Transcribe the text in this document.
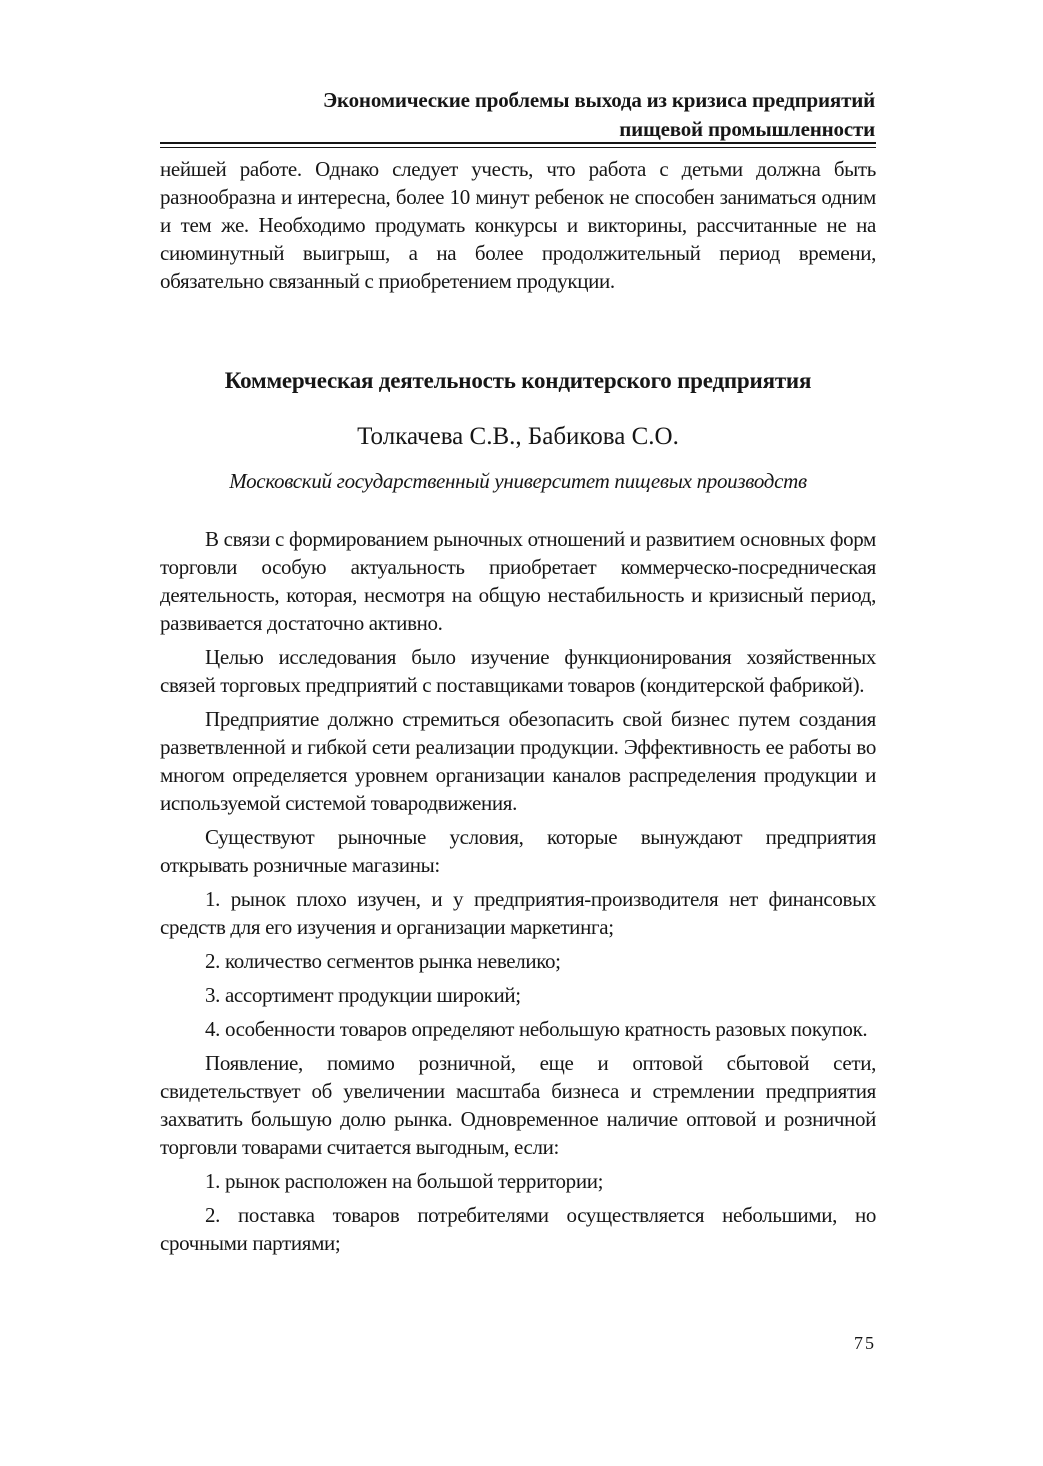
Экономические проблемы выхода из кризиса предприятий
пищевой промышленности

нейшей работе. Однако следует учесть, что работа с детьми должна быть разнообразна и интересна, более 10 минут ребенок не способен заниматься одним и тем же. Необходимо продумать конкурсы и викторины, рассчитанные не на сиюминутный выигрыш, а на более продолжительный период времени, обязательно связанный с приобретением продукции.

Коммерческая деятельность кондитерского предприятия
Толкачева С.В., Бабикова С.О.
Московский государственный университет пищевых производств

В связи с формированием рыночных отношений и развитием основных форм торговли особую актуальность приобретает коммерческо-посредническая деятельность, которая, несмотря на общую нестабильность и кризисный период, развивается достаточно активно.

Целью исследования было изучение функционирования хозяйственных связей торговых предприятий с поставщиками товаров (кондитерской фабрикой).

Предприятие должно стремиться обезопасить свой бизнес путем создания разветвленной и гибкой сети реализации продукции. Эффективность ее работы во многом определяется уровнем организации каналов распределения продукции и используемой системой товародвижения.

Существуют рыночные условия, которые вынуждают предприятия открывать розничные магазины:

1. рынок плохо изучен, и у предприятия-производителя нет финансовых средств для его изучения и организации маркетинга;

2. количество сегментов рынка невелико;

3. ассортимент продукции широкий;

4. особенности товаров определяют небольшую кратность разовых покупок.

Появление, помимо розничной, еще и оптовой сбытовой сети, свидетельствует об увеличении масштаба бизнеса и стремлении предприятия захватить большую долю рынка. Одновременное наличие оптовой и розничной торговли товарами считается выгодным, если:

1. рынок расположен на большой территории;

2. поставка товаров потребителями осуществляется небольшими, но срочными партиями;

75
